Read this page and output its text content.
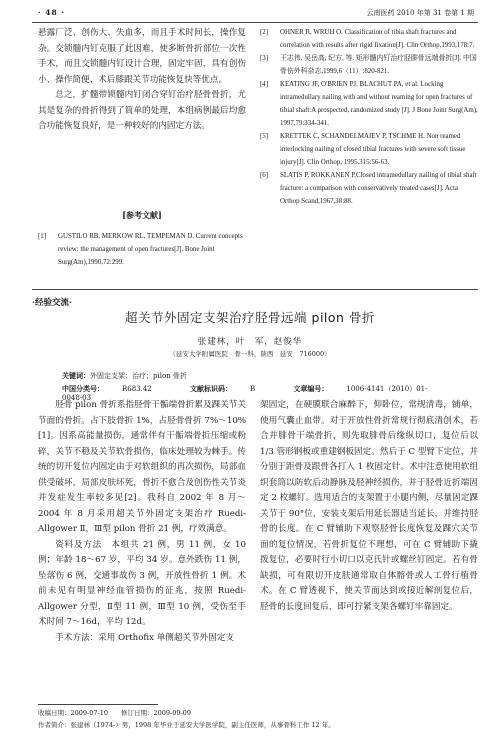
· 48 ·	云南医药 2010 年第 31 卷第 1 期

悬露厂泛、创伤大、失血多，而且手术时间长，操作复杂。交锁髓内钉克服了此因难，使多断骨折部位一次性手术，而且交锁髓内钉设计合理，固定牢固，具有创伤小、操作简便、术后膝跟关节功能恢复快等优点。

总之，扩髓带锁髓内钉闭合穿钉治疗胫骨骨折，尤其是复杂的骨折得到了简单的处理，本组病例最后均愈合功能恢复良好，是一种较好的内固定方法。

[参考文献]
[1] GUSTILO RB, MERKOW RL, TEMPEMAN D. Current concepts review: the management of open fractures[J]. Bone Joint Surg(Am),1990,72:299.
[2] OHNER R, WRUH O. Classification of tibia shaft fractures and correlation with results after rigid fixation[J]. Clin Orthop,1993,178:7.
[3] 王志伟, 吴岳高, 纪方, 等. 矩形髓内钉治疗胫腓骨远端骨折[J]. 中国骨伤外科杂志,1999,6（11）:820-821.
[4] KEATING JF, O'BRIEN PJ, BLACHUT PA, et al. Locking intramedullary nailing with and without reaming for open fractures of tibial shaft:A prospected, randomized study [J]. J Bone Joint Surg(Am), 1997,79:334-341.
[5] KRETTEK C, SCHANDELMAIEV P, TSCHME H. Non reamed interlocking nailing of closed tibial fractures with severe soft tissue injury[J]. Clin Orthop, 1995,315:56-63.
[6] SLATIS P, ROKKANEN P.Closed intramedullary nailing of tibial shaft fracture: a comparison with conservatively treated cases[J]. Acta Orthop Scand,1967,38:88.
·经验交流·
超关节外固定支架治疗胫骨远端 pilon 骨折
张建林，叶　军，赵俊华
（延安大学附属医院　骨一科，陕西　延安　716000）
关键词：外固定支架；治疗；pilon 骨折
中国分类号：	R683.42	文献标识码：	B	文章编号：	1006-4141（2010）01-0048-03

胫骨 pilon 骨折系指胫骨干骺端骨折累及踝关节关节面的骨折。占下肢骨折 1%，占胫骨骨折 7%～10%[1]。因系高能量损伤，通常伴有干骺端骨折压缩或粉碎，关节不稳及关节软骨损伤，临床处理较为棘手。传统的切开复位内固定由于对软组织的再次损伤，局部血供受破坏，局部皮肤坏死，骨折不愈合及创伤性关节炎并发症发生率较多见[2]。我科自 2002 年 8 月～2004 年 8 月采用超关节外固定支架治疗 Ruedi-Allgower Ⅱ，Ⅲ型 pilon 骨折 21 例，疗效满意。

资料及方法　本组共 21 例，男 11 例，女 10 例；年龄 18～67 岁，平均 34 岁。意外跌伤 11 例，坠落伤 6 例，交通事故伤 3 例，开放性骨折 1 例。术前未见有明显神经血管损伤的征兆，按照 Ruedi-Allgower 分型，Ⅱ型 11 例，Ⅲ型 10 例，受伤至手术时间 7～16d，平均 12d。

手术方法：采用 Orthofix 单侧超关节外固定支

架固定，在硬膜联合麻醉下，仰卧位，常规清毒，铺单，使用气囊止血带。对于开放性骨折常规行彻底清创术，若合并腓骨干端骨折，则先取腓骨后缘纵切口，复位后以 1/3 管形钢板或重建钢板固定。然后于 C 型臂下定位，并分别于距骨及跟骨各打入 1 枚固定针。术中注意使用软组织套筒以防软后动静脉及胫神经损伤，并于胫骨近折端固定 2 枚螺钉。选用适合的支架置于小腿内侧，尽量固定踝关节于 90°位，安装支架后用延长器适当延长，并维持胫骨的长度。在 C 臂辅助下观察胫骨长度恢复及踝穴关节面的复位情况，若骨折复位不理想，可在 C 臂辅助下撬拨复位，必要时行小切口以克氏针或螺丝钉固定。若有骨缺损，可有限切开皮肤通常取自体髂骨或人工骨行植骨术。在 C 臂透视下，使关节面达到或接近解剖复位后，胫骨的长度回复后，即可拧紧支架各螺钉牢靠固定。

收稿日期：2009-07-10　　修订日期：2009-09-09
作者简介：张建林（1974-）男，1998 年毕业于延安大学医学院，副主任医师，从事骨科工作 12 年。
